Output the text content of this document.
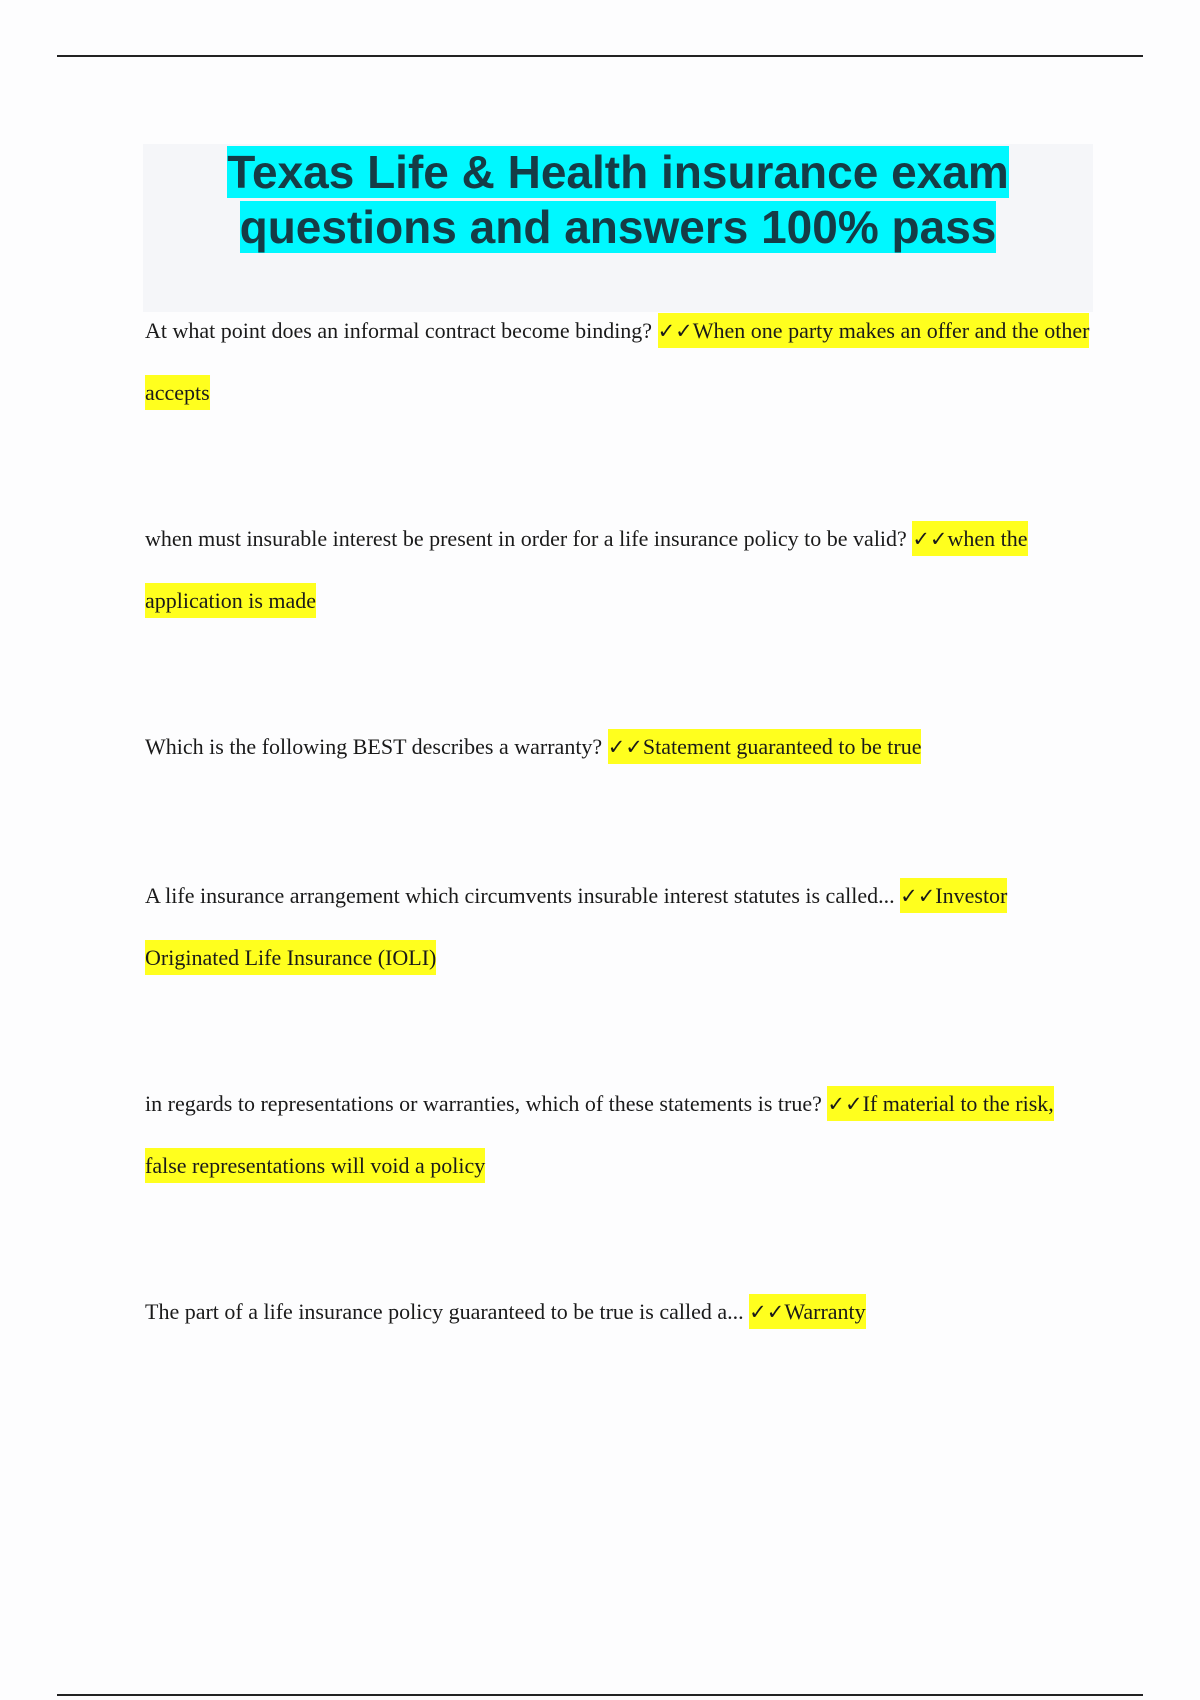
Texas Life & Health insurance exam questions and answers 100% pass
At what point does an informal contract become binding? ✓✓When one party makes an offer and the other accepts
when must insurable interest be present in order for a life insurance policy to be valid? ✓✓when the application is made
Which is the following BEST describes a warranty? ✓✓Statement guaranteed to be true
A life insurance arrangement which circumvents insurable interest statutes is called... ✓✓Investor Originated Life Insurance (IOLI)
in regards to representations or warranties, which of these statements is true? ✓✓If material to the risk, false representations will void a policy
The part of a life insurance policy guaranteed to be true is called a... ✓✓Warranty
